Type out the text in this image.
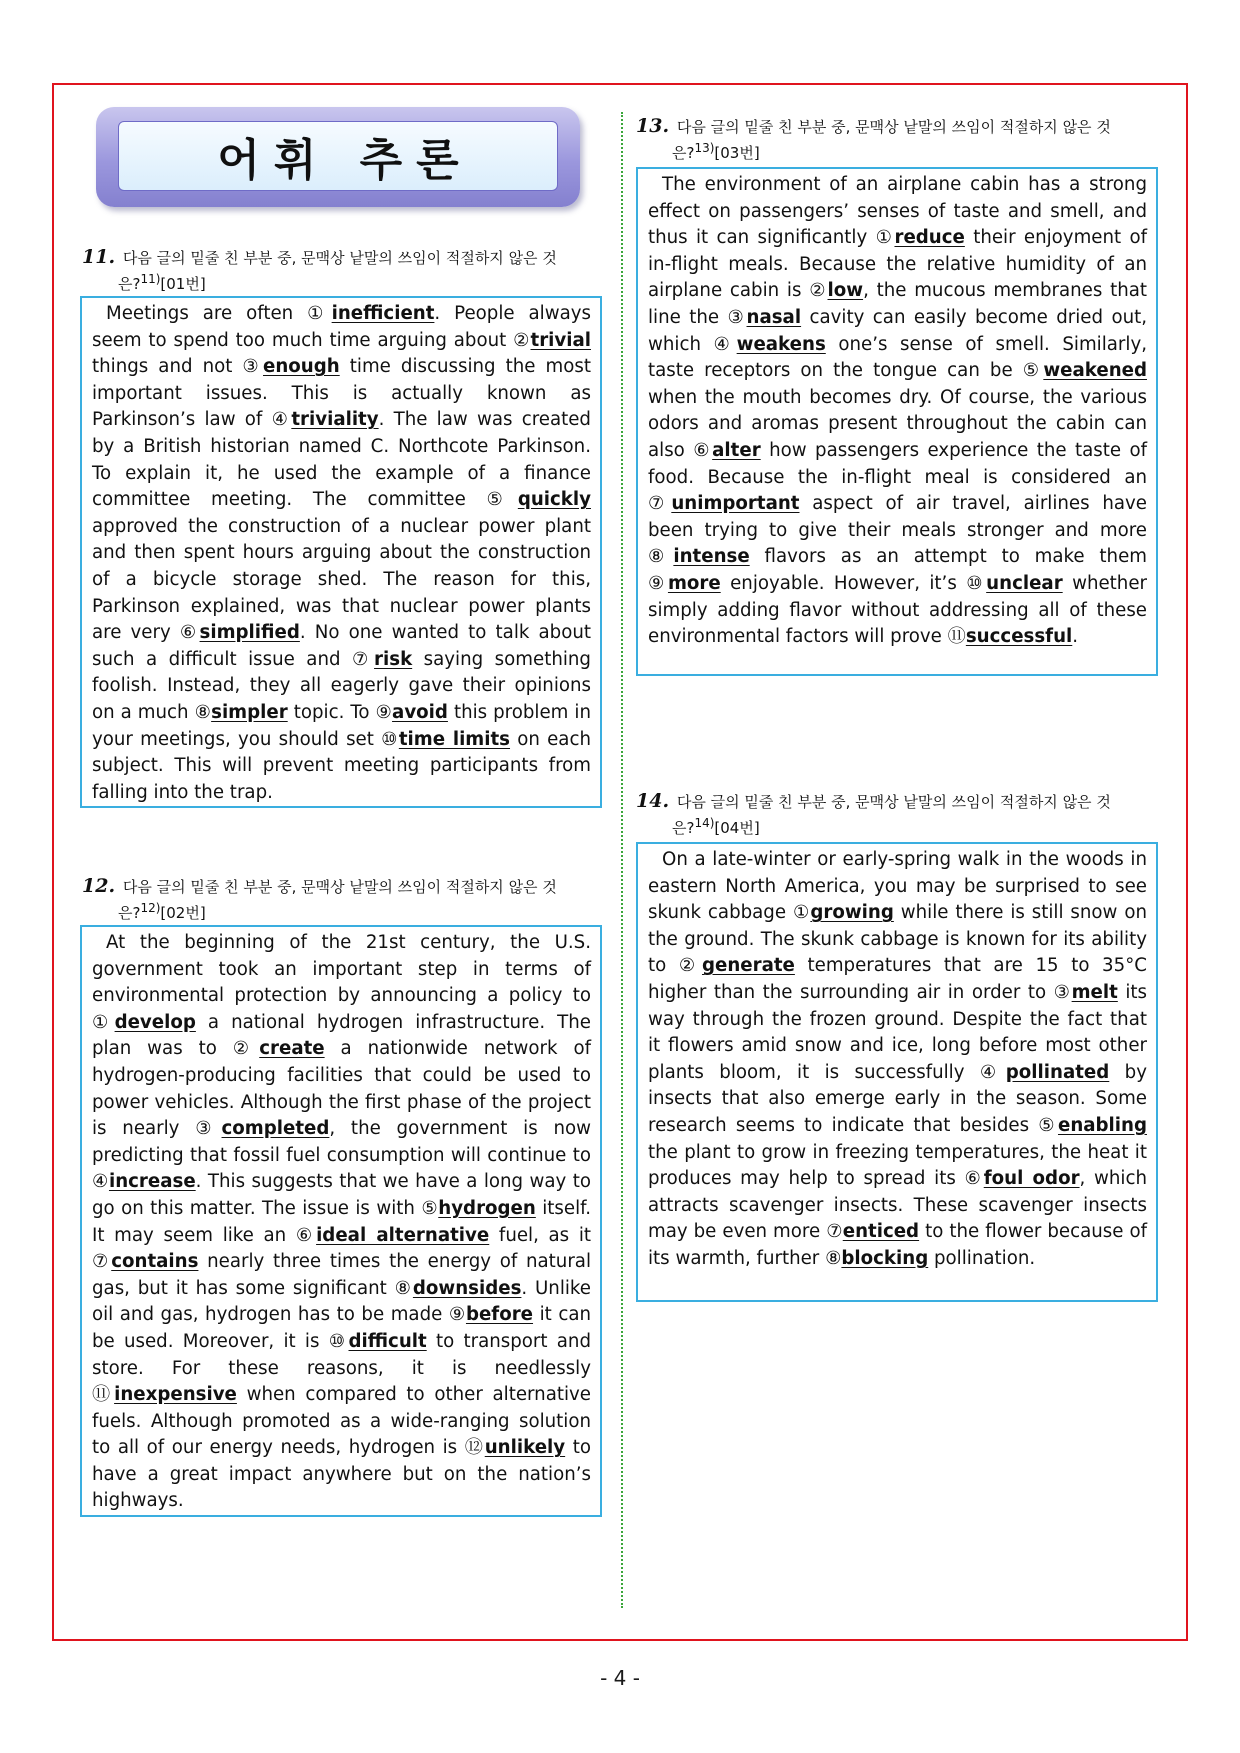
어휘 추론
11. 다음 글의 밑줄 친 부분 중, 문맥상 낱말의 쓰임이 적절하지 않은 것
은?$^{11)}$[01번]

Meetings are often ①inefficient. People always seem to spend too much time arguing about ②trivial things and not ③enough time discussing the most important issues. This is actually known as Parkinson’s law of ④triviality. The law was created by a British historian named C. Northcote Parkinson. To explain it, he used the example of a finance committee meeting. The committee ⑤quickly approved the construction of a nuclear power plant and then spent hours arguing about the construction of a bicycle storage shed. The reason for this, Parkinson explained, was that nuclear power plants are very ⑥simplified. No one wanted to talk about such a difficult issue and ⑦risk saying something foolish. Instead, they all eagerly gave their opinions on a much ⑧simpler topic. To ⑨avoid this problem in your meetings, you should set ⑩time limits on each subject. This will prevent meeting participants from falling into the trap.

12. 다음 글의 밑줄 친 부분 중, 문맥상 낱말의 쓰임이 적절하지 않은 것
은?$^{12)}$[02번]

At the beginning of the 21st century, the U.S. government took an important step in terms of environmental protection by announcing a policy to ①develop a national hydrogen infrastructure. The plan was to ②create a nationwide network of hydrogen-producing facilities that could be used to power vehicles. Although the first phase of the project is nearly ③completed, the government is now predicting that fossil fuel consumption will continue to ④increase. This suggests that we have a long way to go on this matter. The issue is with ⑤hydrogen itself. It may seem like an ⑥ideal alternative fuel, as it ⑦contains nearly three times the energy of natural gas, but it has some significant ⑧downsides. Unlike oil and gas, hydrogen has to be made ⑨before it can be used. Moreover, it is ⑩difficult to transport and store. For these reasons, it is needlessly ⑪inexpensive when compared to other alternative fuels. Although promoted as a wide-ranging solution to all of our energy needs, hydrogen is ⑫unlikely to have a great impact anywhere but on the nation’s highways.

13. 다음 글의 밑줄 친 부분 중, 문맥상 낱말의 쓰임이 적절하지 않은 것
은?$^{13)}$[03번]

The environment of an airplane cabin has a strong effect on passengers’ senses of taste and smell, and thus it can significantly ①reduce their enjoyment of in-flight meals. Because the relative humidity of an airplane cabin is ②low, the mucous membranes that line the ③nasal cavity can easily become dried out, which ④weakens one’s sense of smell. Similarly, taste receptors on the tongue can be ⑤weakened when the mouth becomes dry. Of course, the various odors and aromas present throughout the cabin can also ⑥alter how passengers experience the taste of food. Because the in-flight meal is considered an ⑦unimportant aspect of air travel, airlines have been trying to give their meals stronger and more ⑧intense flavors as an attempt to make them ⑨more enjoyable. However, it’s ⑩unclear whether simply adding flavor without addressing all of these environmental factors will prove ⑪successful.

14. 다음 글의 밑줄 친 부분 중, 문맥상 낱말의 쓰임이 적절하지 않은 것
은?$^{14)}$[04번]

On a late-winter or early-spring walk in the woods in eastern North America, you may be surprised to see skunk cabbage ①growing while there is still snow on the ground. The skunk cabbage is known for its ability to ②generate temperatures that are 15 to 35°C higher than the surrounding air in order to ③melt its way through the frozen ground. Despite the fact that it flowers amid snow and ice, long before most other plants bloom, it is successfully ④pollinated by insects that also emerge early in the season. Some research seems to indicate that besides ⑤enabling the plant to grow in freezing temperatures, the heat it produces may help to spread its ⑥foul odor, which attracts scavenger insects. These scavenger insects may be even more ⑦enticed to the flower because of its warmth, further ⑧blocking pollination.

- 4 -
